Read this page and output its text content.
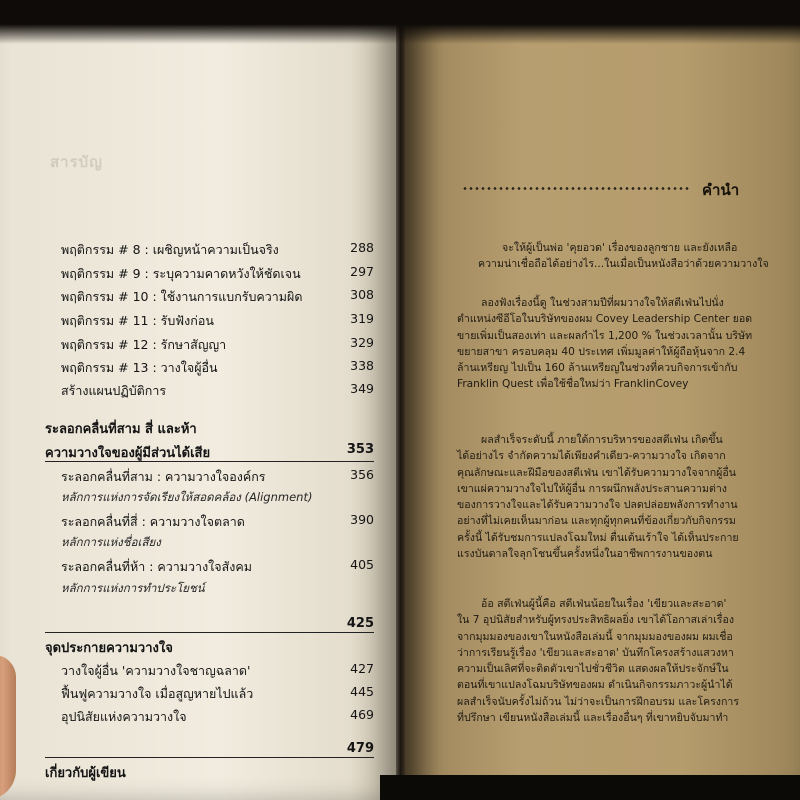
สารบัญ
พฤติกรรม # 8 : เผชิญหน้าความเป็นจริง	288
พฤติกรรม # 9 : ระบุความคาดหวังให้ชัดเจน	297
พฤติกรรม # 10 : ใช้งานการแบกรับความผิด	308
พฤติกรรม # 11 : รับฟังก่อน	319
พฤติกรรม # 12 : รักษาสัญญา	329
พฤติกรรม # 13 : วางใจผู้อื่น	338
สร้างแผนปฏิบัติการ	349
ระลอกคลื่นที่สาม สี่ และห้า
ความวางใจของผู้มีส่วนได้เสีย	353
ระลอกคลื่นที่สาม : ความวางใจองค์กร	356
หลักการแห่งการจัดเรียงให้สอดคล้อง (Alignment)
ระลอกคลื่นที่สี่ : ความวางใจตลาด	390
หลักการแห่งชื่อเสียง
ระลอกคลื่นที่ห้า : ความวางใจสังคม	405
หลักการแห่งการทำประโยชน์
425
จุดประกายความวางใจ
วางใจผู้อื่น 'ความวางใจชาญฉลาด'	427
ฟื้นฟูความวางใจ เมื่อสูญหายไปแล้ว	445
อุปนิสัยแห่งความวางใจ	469
479
เกี่ยวกับผู้เขียน
คำนำ
จะให้ผู้เป็นพ่อ 'คุยอวด' เรื่องของลูกชาย และยังเหลือ
ความน่าเชื่อถือได้อย่างไร...ในเมื่อเป็นหนังสือว่าด้วยความวางใจ
ลองฟังเรื่องนี้ดู ในช่วงสามปีที่ผมวางใจให้สตีเฟ่นไปนั่ง
ตำแหน่งซีอีโอในบริษัทของผม Covey Leadership Center ยอด
ขายเพิ่มเป็นสองเท่า และผลกำไร 1,200 % ในช่วงเวลานั้น บริษัท
ขยายสาขา ครอบคลุม 40 ประเทศ เพิ่มมูลค่าให้ผู้ถือหุ้นจาก 2.4
ล้านเหรียญ ไปเป็น 160 ล้านเหรียญในช่วงที่ควบกิจการเข้ากับ
Franklin Quest เพื่อใช้ชื่อใหม่ว่า FranklinCovey
ผลสำเร็จระดับนี้ ภายใต้การบริหารของสตีเฟ่น เกิดขึ้น
ได้อย่างไร จำกัดความได้เพียงคำเดียว-ความวางใจ เกิดจาก
คุณลักษณะและฝีมือของสตีเฟ่น เขาได้รับความวางใจจากผู้อื่น
เขาแผ่ความวางใจไปให้ผู้อื่น การผนึกพลังประสานความต่าง
ของการวางใจและได้รับความวางใจ ปลดปล่อยพลังการทำงาน
อย่างที่ไม่เคยเห็นมาก่อน และทุกผู้ทุกคนที่ข้องเกี่ยวกับกิจกรรม
ครั้งนี้ ได้รับชมการแปลงโฉมใหม่ ตื่นเต้นเร้าใจ ได้เห็นประกาย
แรงบันดาลใจลุกโชนขึ้นครั้งหนึ่งในอาชีพการงานของตน
อ้อ สตีเฟ่นผู้นี้คือ สตีเฟ่นน้อยในเรื่อง 'เขียวและสะอาด'
ใน 7 อุปนิสัยสำหรับผู้ทรงประสิทธิผลยิ่ง เขาได้โอกาสเล่าเรื่อง
จากมุมมองของเขาในหนังสือเล่มนี้ จากมุมมองของผม ผมเชื่อ
ว่าการเรียนรู้เรื่อง 'เขียวและสะอาด' บันทึกโครงสร้างแสวงหา
ความเป็นเลิศที่จะติดตัวเขาไปชั่วชีวิต แสดงผลให้ประจักษ์ใน
ตอนที่เขาแปลงโฉมบริษัทของผม ดำเนินกิจกรรมภาวะผู้นำได้
ผลสำเร็จนับครั้งไม่ถ้วน ไม่ว่าจะเป็นการฝึกอบรม และโครงการ
ที่ปรึกษา เขียนหนังสือเล่มนี้ และเรื่องอื่นๆ ที่เขาหยิบจับมาทำ
